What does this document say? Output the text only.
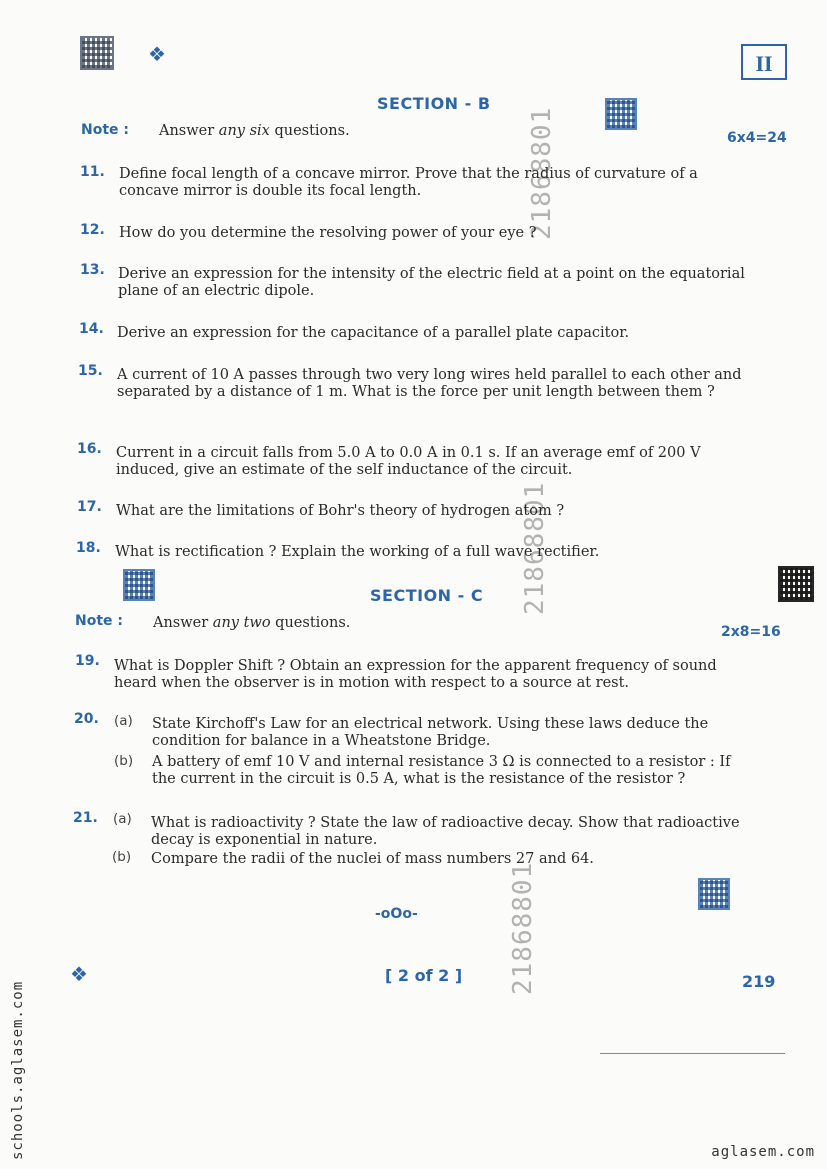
❖	II
21868801
21868801
21868801
SECTION - B
Note : Answer any six questions.	6x4=24
11. Define focal length of a concave mirror. Prove that the radius of curvature of a concave mirror is double its focal length.
12. How do you determine the resolving power of your eye ?
13. Derive an expression for the intensity of the electric field at a point on the equatorial plane of an electric dipole.
14. Derive an expression for the capacitance of a parallel plate capacitor.
15. A current of 10 A passes through two very long wires held parallel to each other and separated by a distance of 1 m. What is the force per unit length between them ?
16. Current in a circuit falls from 5.0 A to 0.0 A in 0.1 s. If an average emf of 200 V induced, give an estimate of the self inductance of the circuit.
17. What are the limitations of Bohr's theory of hydrogen atom ?
18. What is rectification ? Explain the working of a full wave rectifier.
SECTION - C
Note : Answer any two questions.
2x8=16
19. What is Doppler Shift ? Obtain an expression for the apparent frequency of sound heard when the observer is in motion with respect to a source at rest.
20. (a) State Kirchoff's Law for an electrical network. Using these laws deduce the condition for balance in a Wheatstone Bridge.
(b) A battery of emf 10 V and internal resistance 3 Ω is connected to a resistor : If the current in the circuit is 0.5 A, what is the resistance of the resistor ?
21. (a) What is radioactivity ? State the law of radioactive decay. Show that radioactive decay is exponential in nature.
(b) Compare the radii of the nuclei of mass numbers 27 and 64.
-oOo-
❖	[ 2 of 2 ]	219
schools.aglasem.com	aglasem.com
